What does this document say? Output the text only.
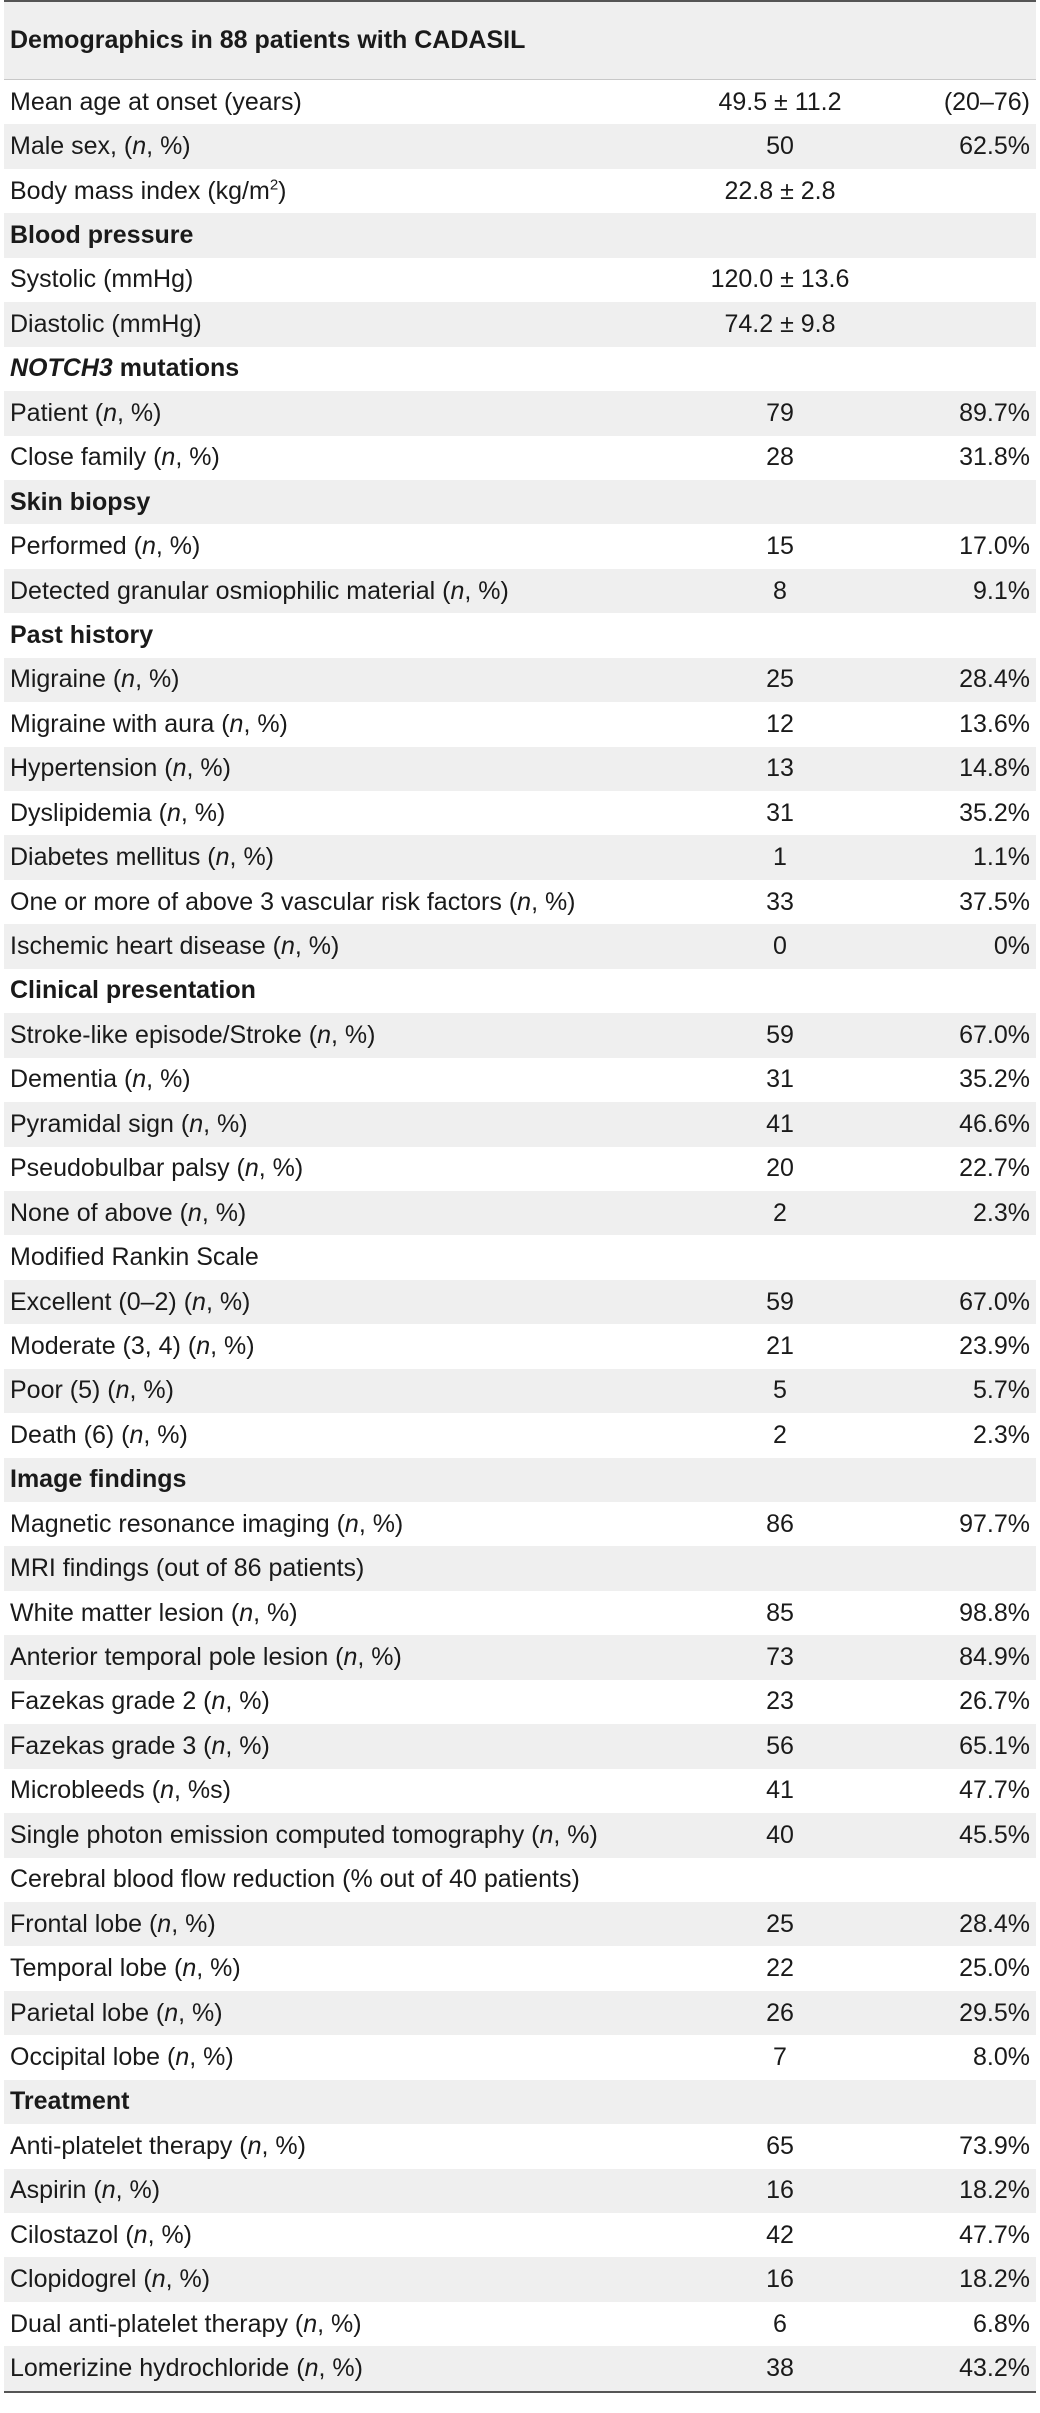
Demographics in 88 patients with CADASIL
Mean age at onset (years)	49.5 ± 11.2	(20–76)
Male sex, (n, %)	50	62.5%
Body mass index $(kg/m^2)$	22.8 ± 2.8
Blood pressure
Systolic (mmHg)	120.0 ± 13.6
Diastolic (mmHg)	74.2 ± 9.8
NOTCH3 mutations
Patient (n, %)	79	89.7%
Close family (n, %)	28	31.8%
Skin biopsy
Performed (n, %)	15	17.0%
Detected granular osmiophilic material (n, %)	8	9.1%
Past history
Migraine (n, %)	25	28.4%
Migraine with aura (n, %)	12	13.6%
Hypertension (n, %)	13	14.8%
Dyslipidemia (n, %)	31	35.2%
Diabetes mellitus (n, %)	1	1.1%
One or more of above 3 vascular risk factors (n, %)	33	37.5%
Ischemic heart disease (n, %)	0	0%
Clinical presentation
Stroke-like episode/Stroke (n, %)	59	67.0%
Dementia (n, %)	31	35.2%
Pyramidal sign (n, %)	41	46.6%
Pseudobulbar palsy (n, %)	20	22.7%
None of above (n, %)	2	2.3%
Modified Rankin Scale
Excellent (0–2) (n, %)	59	67.0%
Moderate (3, 4) (n, %)	21	23.9%
Poor (5) (n, %)	5	5.7%
Death (6) (n, %)	2	2.3%
Image findings
Magnetic resonance imaging (n, %)	86	97.7%
MRI findings (out of 86 patients)
White matter lesion (n, %)	85	98.8%
Anterior temporal pole lesion (n, %)	73	84.9%
Fazekas grade 2 (n, %)	23	26.7%
Fazekas grade 3 (n, %)	56	65.1%
Microbleeds (n, %s)	41	47.7%
Single photon emission computed tomography (n, %)	40	45.5%
Cerebral blood flow reduction (% out of 40 patients)
Frontal lobe (n, %)	25	28.4%
Temporal lobe (n, %)	22	25.0%
Parietal lobe (n, %)	26	29.5%
Occipital lobe (n, %)	7	8.0%
Treatment
Anti-platelet therapy (n, %)	65	73.9%
Aspirin (n, %)	16	18.2%
Cilostazol (n, %)	42	47.7%
Clopidogrel (n, %)	16	18.2%
Dual anti-platelet therapy (n, %)	6	6.8%
Lomerizine hydrochloride (n, %)	38	43.2%
